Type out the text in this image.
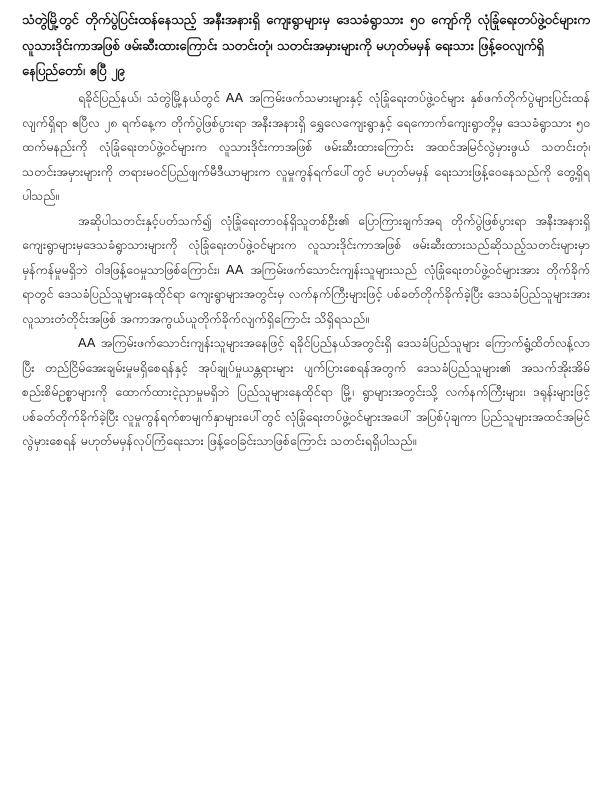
သံတွဲမြို့တွင် တိုက်ပွဲပြင်းထန်နေသည့် အနီးအနားရှိ ကျေးရွာများမှ ဒေသခံရွာသား ၅၀ ကျော်ကို လုံခြုံရေးတပ်ဖွဲ့ဝင်များက လူသားဒိုင်းကာအဖြစ် ဖမ်းဆီးထားကြောင်း သတင်းတုံ၊ သတင်းအမှားများကို မဟုတ်မမှန် ရေးသား ဖြန့်ဝေလျက်ရှိ
နေပြည်တော်၊ ဧပြီ ၂၉

ရခိုင်ပြည်နယ်၊ သံတွဲမြို့နယ်တွင် AA အကြမ်းဖက်သမားများနှင့် လုံခြုံရေးတပ်ဖွဲ့ဝင်များ နှစ်ဖက်တိုက်ပွဲများပြင်းထန်လျက်ရှိရာ ဧပြီလ ၂၈ ရက်နေ့က တိုက်ပွဲဖြစ်ပွားရာ အနီးအနားရှိ ရွှေလေကျေးရွာနှင့် ရေကောက်ကျေးရွာတို့မှ ဒေသခံရွာသား ၅၀ ထက်မနည်းကို လုံခြုံရေးတပ်ဖွဲ့ဝင်များက လူသားဒိုင်းကာအဖြစ် ဖမ်းဆီးထားကြောင်း အထင်အမြင်လွဲမှားဖွယ် သတင်းတုံ၊ သတင်းအမှားများကို တရားမဝင်ပြည်ဖျက်မီဒီယာများက လူမှုကွန်ရက်ပေါ်တွင် မဟုတ်မမှန် ရေးသားဖြန့်ဝေနေသည်ကို တွေ့ရှိရပါသည်။

အဆိုပါသတင်းနှင့်ပတ်သက်၍ လုံခြုံရေးတာဝန်ရှိသူတစ်ဦး၏ ပြောကြားချက်အရ တိုက်ပွဲဖြစ်ပွားရာ အနီးအနားရှိ ကျေးရွာများမှဒေသခံရွာသားများကို လုံခြုံရေးတပ်ဖွဲ့ဝင်များက လူသားဒိုင်းကာအဖြစ် ဖမ်းဆီးထားသည်ဆိုသည့်သတင်းများမှာ မှန်ကန်မှုမရှိဘဲ ဝါဒဖြန့်ဝေမှုသာဖြစ်ကြောင်း၊ AA အကြမ်းဖက်သောင်းကျန်းသူများသည် လုံခြုံရေးတပ်ဖွဲ့ဝင်များအား တိုက်ခိုက်ရာတွင် ဒေသခံပြည်သူများနေထိုင်ရာ ကျေးရွာများအတွင်းမှ လက်နက်ကြီးများဖြင့် ပစ်ခတ်တိုက်ခိုက်ခဲ့ပြီး ဒေသခံပြည်သူများအား လူသားတံတိုင်းအဖြစ် အကာအကွယ်ယူတိုက်ခိုက်လျက်ရှိကြောင်း သိရှိရသည်။

AA အကြမ်းဖက်သောင်းကျန်းသူများအနေဖြင့် ရခိုင်ပြည်နယ်အတွင်းရှိ ဒေသခံပြည်သူများ ကြောက်ရွံ့ထိတ်လန့်လာပြီး တည်ငြိမ်အေးချမ်းမှုမရှိစေရန်နှင့် အုပ်ချုပ်မှုယန္တရားများ ပျက်ပြားစေရန်အတွက် ဒေသခံပြည်သူများ၏ အသက်အိုးအိမ်စည်းစိမ်ဥစ္စာများကို ထောက်ထားငဲ့ညှာမှုမရှိဘဲ ပြည်သူများနေထိုင်ရာ မြို့၊ ရွာများအတွင်းသို့ လက်နက်ကြီးများ၊ ဒရုန်းများဖြင့် ပစ်ခတ်တိုက်ခိုက်ခဲ့ပြီး လူမှုကွန်ရက်စာမျက်နှာများပေါ်တွင် လုံခြုံရေးတပ်ဖွဲ့ဝင်များအပေါ် အပြစ်ပုံချကာ ပြည်သူများအထင်အမြင်လွဲမှားစေရန် မဟုတ်မမှန်လုပ်ကြံရေးသား ဖြန့်ဝေခြင်းသာဖြစ်ကြောင်း သတင်းရရှိပါသည်။
